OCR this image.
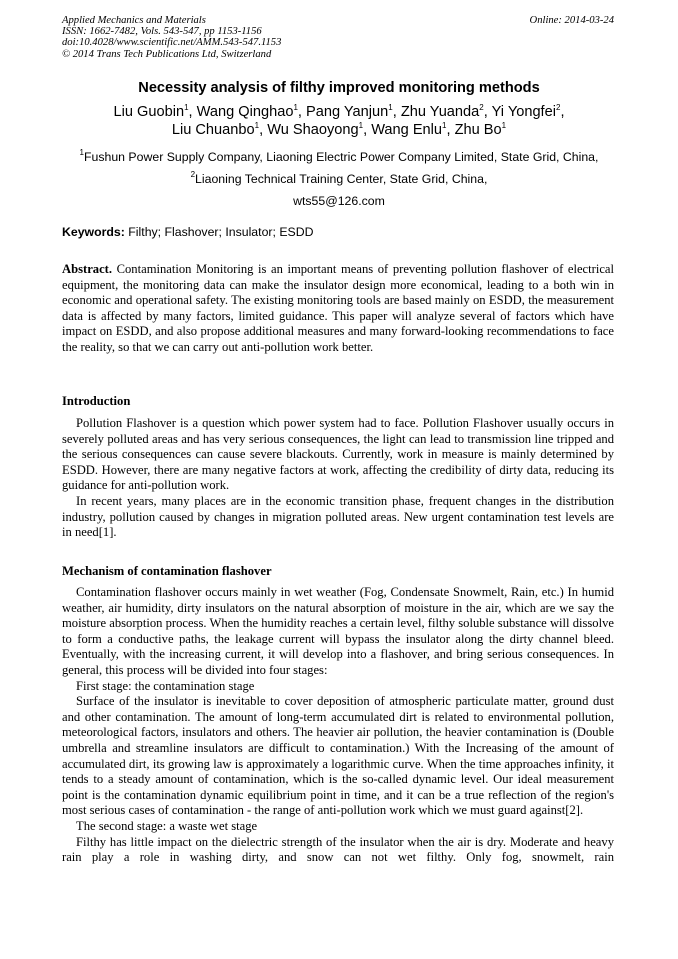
Applied Mechanics and Materials
ISSN: 1662-7482, Vols. 543-547, pp 1153-1156
doi:10.4028/www.scientific.net/AMM.543-547.1153
© 2014 Trans Tech Publications Ltd, Switzerland
Online: 2014-03-24
Necessity analysis of filthy improved monitoring methods
Liu Guobin$^1$, Wang Qinghao$^1$, Pang Yanjun$^1$, Zhu Yuanda$^2$, Yi Yongfei$^2$,
Liu Chuanbo$^1$, Wu Shaoyong$^1$, Wang Enlu$^1$, Zhu Bo$^1$
$^1$Fushun Power Supply Company, Liaoning Electric Power Company Limited, State Grid, China,
$^2$Liaoning Technical Training Center, State Grid, China,
wts55@126.com
Keywords: Filthy; Flashover; Insulator; ESDD

Abstract. Contamination Monitoring is an important means of preventing pollution flashover of electrical equipment, the monitoring data can make the insulator design more economical, leading to a both win in economic and operational safety. The existing monitoring tools are based mainly on ESDD, the measurement data is affected by many factors, limited guidance. This paper will analyze several of factors which have impact on ESDD, and also propose additional measures and many forward-looking recommendations to face the reality, so that we can carry out anti-pollution work better.

Introduction

Pollution Flashover is a question which power system had to face. Pollution Flashover usually occurs in severely polluted areas and has very serious consequences, the light can lead to transmission line tripped and the serious consequences can cause severe blackouts. Currently, work in measure is mainly determined by ESDD. However, there are many negative factors at work, affecting the credibility of dirty data, reducing its guidance for anti-pollution work.

In recent years, many places are in the economic transition phase, frequent changes in the distribution industry, pollution caused by changes in migration polluted areas. New urgent contamination test levels are in need[1].

Mechanism of contamination flashover

Contamination flashover occurs mainly in wet weather (Fog, Condensate Snowmelt, Rain, etc.) In humid weather, air humidity, dirty insulators on the natural absorption of moisture in the air, which are we say the moisture absorption process. When the humidity reaches a certain level, filthy soluble substance will dissolve to form a conductive paths, the leakage current will bypass the insulator along the dirty channel bleed. Eventually, with the increasing current, it will develop into a flashover, and bring serious consequences. In general, this process will be divided into four stages:

First stage: the contamination stage

Surface of the insulator is inevitable to cover deposition of atmospheric particulate matter, ground dust and other contamination. The amount of long-term accumulated dirt is related to environmental pollution, meteorological factors, insulators and others. The heavier air pollution, the heavier contamination is (Double umbrella and streamline insulators are difficult to contamination.) With the Increasing of the amount of accumulated dirt, its growing law is approximately a logarithmic curve. When the time approaches infinity, it tends to a steady amount of contamination, which is the so-called dynamic level. Our ideal measurement point is the contamination dynamic equilibrium point in time, and it can be a true reflection of the region's most serious cases of contamination - the range of anti-pollution work which we must guard against[2].

The second stage: a waste wet stage

Filthy has little impact on the dielectric strength of the insulator when the air is dry. Moderate and heavy rain play a role in washing dirty, and snow can not wet filthy. Only fog, snowmelt, rain
